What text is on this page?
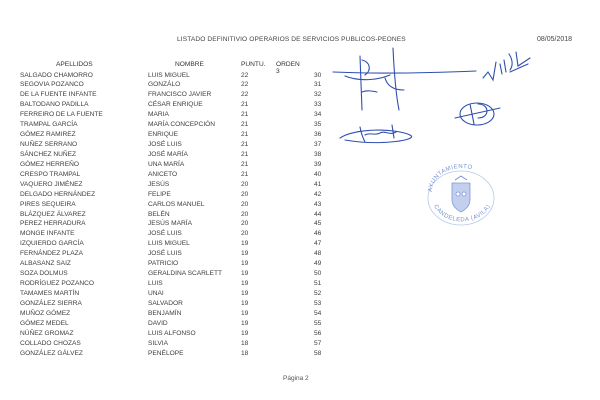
LISTADO DEFINITIVIO OPERARIOS DE SERVICIOS PUBLICOS-PEONES	08/05/2018
APELLIDOS	NOMBRE	PUNTU. ORDEN 3
SALGADO CHAMORRO	LUIS MIGUEL	22	30
SEGOVIA POZANCO	GONZÁLO	22	31
DE LA FUENTE INFANTE	FRANCISCO JAVIER	22	32
BALTODANO PADILLA	CÉSAR ENRIQUE	21	33
FERREIRO DE LA FUENTE	MARIA	21	34
TRAMPAL GARCÍA	MARÍA CONCEPCIÓN	21	35
GÓMEZ RAMIREZ	ENRIQUE	21	36
NUÑEZ SERRANO	JOSÉ LUIS	21	37
SÁNCHEZ NUÑEZ	JOSÉ MARÍA	21	38
GÓMEZ HERREÑO	UNA MARÍA	21	39
CRESPO TRAMPAL	ANICETO	21	40
VAQUERO JIMÉNEZ	JESÚS	20	41
DELGADO HERNÁNDEZ	FELIPE	20	42
PIRES SEQUEIRA	CARLOS MANUEL	20	43
BLÁZQUEZ ÁLVAREZ	BELÉN	20	44
PEREZ HERRADURA	JESÚS MARÍA	20	45
MONGE INFANTE	JOSÉ LUIS	20	46
IZQUIERDO GARCÍA	LUIS MIGUEL	19	47
FERNÁNDEZ PLAZA	JOSÉ LUIS	19	48
ALBASANZ SAIZ	PATRICIO	19	49
SOZA DOLMUS	GERALDINA SCARLETT	19	50
RODRÍGUEZ POZANCO	LUIS	19	51
TAMAMES MARTÍN	UNAI	19	52
GONZÁLEZ SIERRA	SALVADOR	19	53
MUÑOZ GÓMEZ	BENJAMÍN	19	54
GÓMEZ MEDEL	DAVID	19	55
NÚÑEZ GROMAZ	LUIS ALFONSO	19	56
COLLADO CHOZAS	SILVIA	18	57
GONZÁLEZ GÁLVEZ	PENÉLOPE	18	58
AYUNTAMIENTO
CANDELEDA (AVILA)
Página 2
